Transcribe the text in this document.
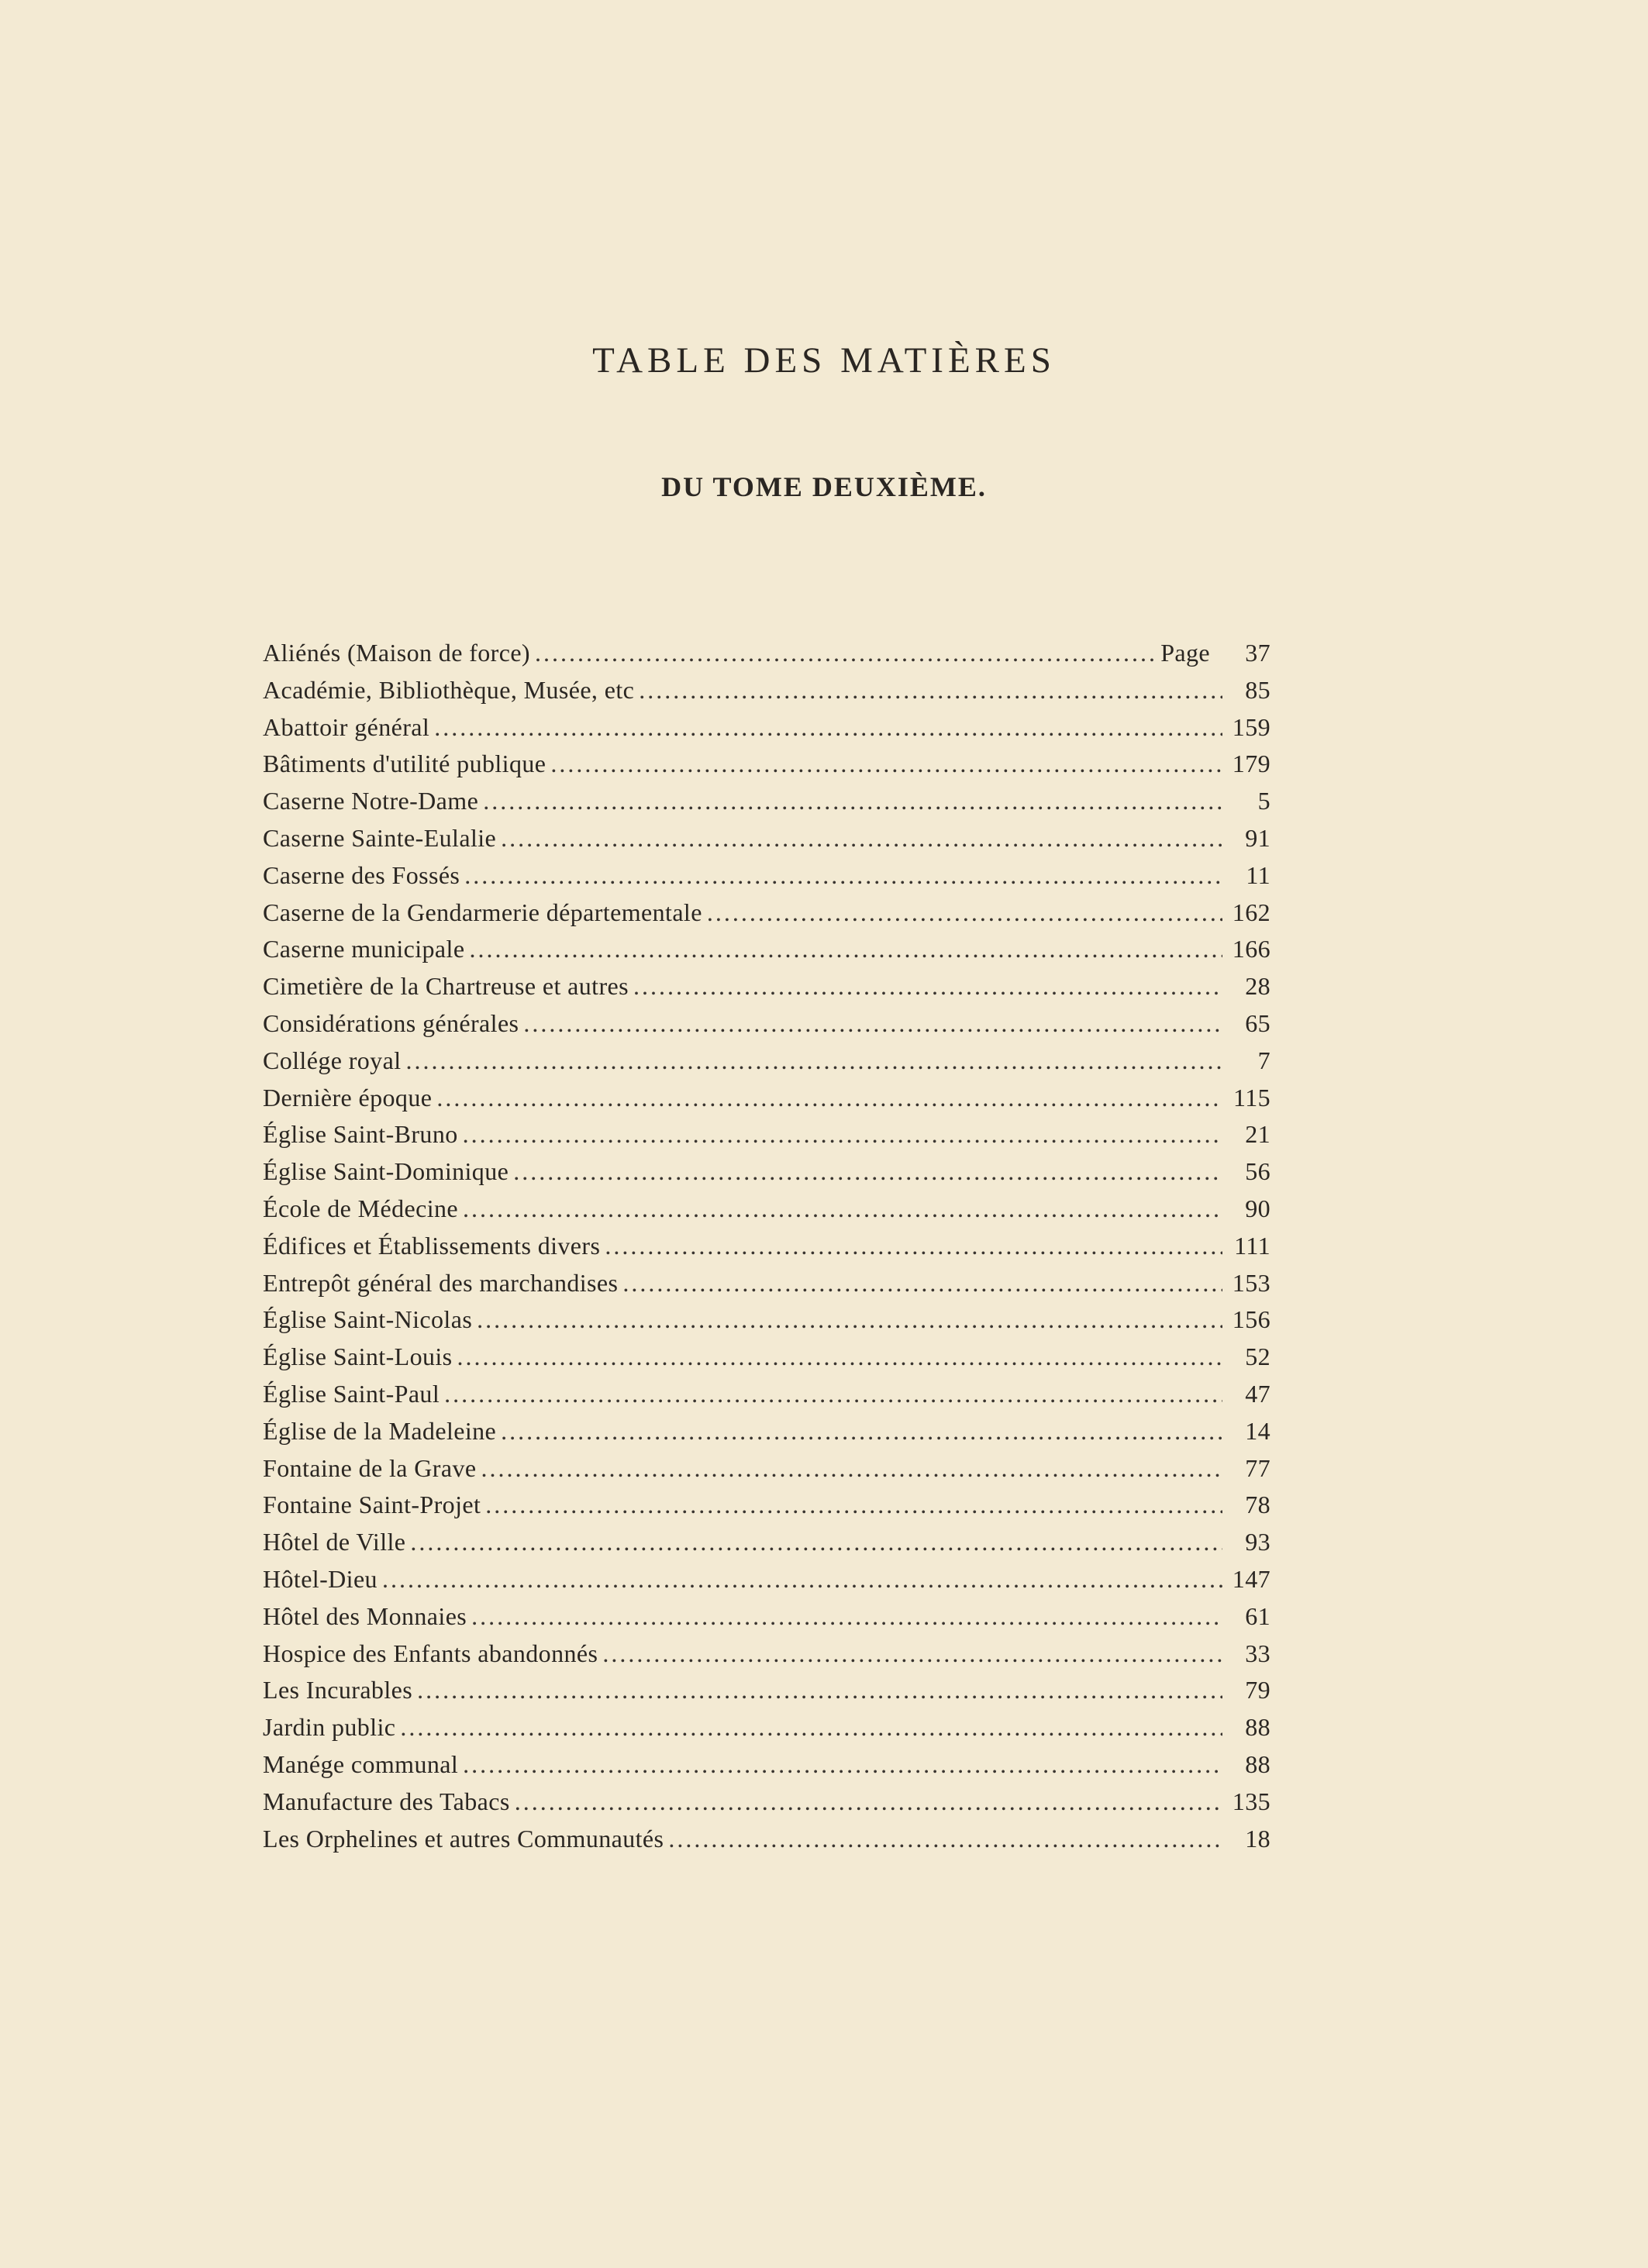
TABLE DES MATIÈRES
DU TOME DEUXIÈME.
Aliénés (Maison de force) .....	Page	37
Académie, Bibliothèque, Musée, etc .....	85
Abattoir général .....	159
Bâtiments d'utilité publique .....	179
Caserne Notre-Dame .....	5
Caserne Sainte-Eulalie .....	91
Caserne des Fossés .....	11
Caserne de la Gendarmerie départementale .....	162
Caserne municipale .....	166
Cimetière de la Chartreuse et autres .....	28
Considérations générales .....	65
Collége royal .....	7
Dernière époque .....	115
Église Saint-Bruno .....	21
Église Saint-Dominique .....	56
École de Médecine .....	90
Édifices et Établissements divers .....	111
Entrepôt général des marchandises .....	153
Église Saint-Nicolas .....	156
Église Saint-Louis .....	52
Église Saint-Paul .....	47
Église de la Madeleine .....	14
Fontaine de la Grave .....	77
Fontaine Saint-Projet .....	78
Hôtel de Ville .....	93
Hôtel-Dieu .....	147
Hôtel des Monnaies .....	61
Hospice des Enfants abandonnés .....	33
Les Incurables .....	79
Jardin public .....	88
Manége communal .....	88
Manufacture des Tabacs .....	135
Les Orphelines et autres Communautés .....	18
